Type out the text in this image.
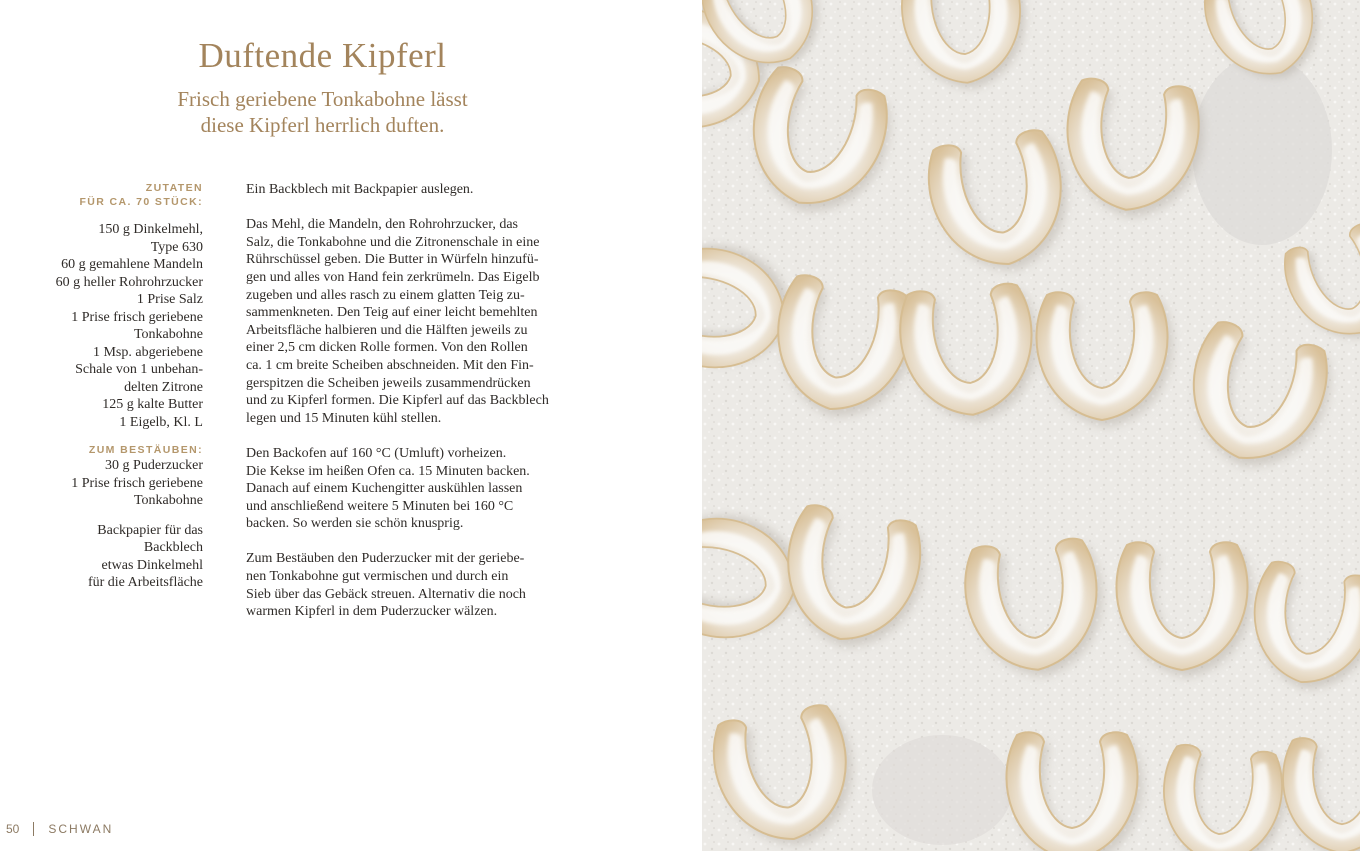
Duftende Kipferl
Frisch geriebene Tonkabohne lässt
diese Kipferl herrlich duften.
ZUTATEN
FÜR CA. 70 STÜCK:
150 g Dinkelmehl,
Type 630
60 g gemahlene Mandeln
60 g heller Rohrohrzucker
1 Prise Salz
1 Prise frisch geriebene
Tonkabohne
1 Msp. abgeriebene
Schale von 1 unbehan-
delten Zitrone
125 g kalte Butter
1 Eigelb, Kl. L
ZUM BESTÄUBEN:
30 g Puderzucker
1 Prise frisch geriebene
Tonkabohne
Backpapier für das
Backblech
etwas Dinkelmehl
für die Arbeitsfläche
Ein Backblech mit Backpapier auslegen.
Das Mehl, die Mandeln, den Rohrohrzucker, das
Salz, die Tonkabohne und die Zitronenschale in eine
Rührschüssel geben. Die Butter in Würfeln hinzufü-
gen und alles von Hand fein zerkrümeln. Das Eigelb
zugeben und alles rasch zu einem glatten Teig zu-
sammenkneten. Den Teig auf einer leicht bemehlten
Arbeitsfläche halbieren und die Hälften jeweils zu
einer 2,5 cm dicken Rolle formen. Von den Rollen
ca. 1 cm breite Scheiben abschneiden. Mit den Fin-
gerspitzen die Scheiben jeweils zusammendrücken
und zu Kipferl formen. Die Kipferl auf das Backblech
legen und 15 Minuten kühl stellen.
Den Backofen auf 160 °C (Umluft) vorheizen.
Die Kekse im heißen Ofen ca. 15 Minuten backen.
Danach auf einem Kuchengitter auskühlen lassen
und anschließend weitere 5 Minuten bei 160 °C
backen. So werden sie schön knusprig.
Zum Bestäuben den Puderzucker mit der geriebe-
nen Tonkabohne gut vermischen und durch ein
Sieb über das Gebäck streuen. Alternativ die noch
warmen Kipferl in dem Puderzucker wälzen.
50 SCHWAN
